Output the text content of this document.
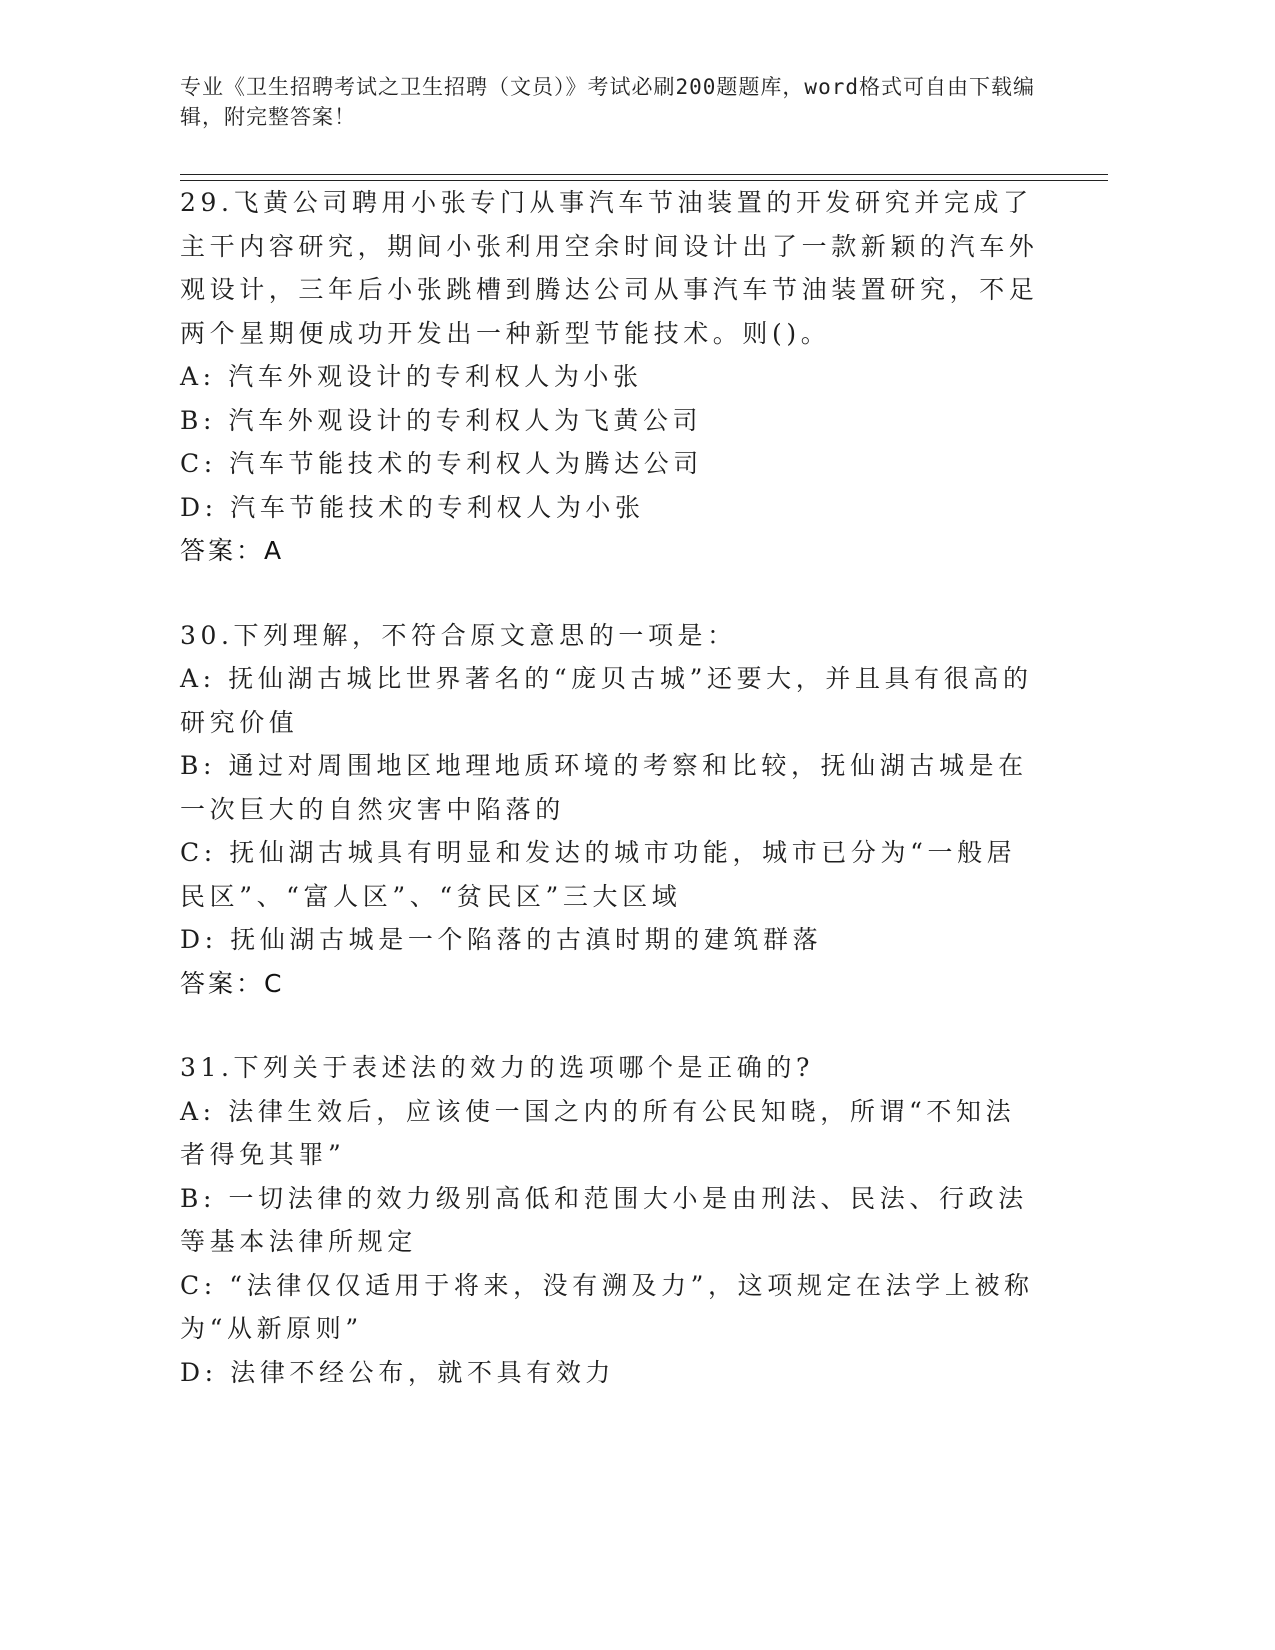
专业《卫生招聘考试之卫生招聘（文员）》考试必刷200题题库，word格式可自由下载编辑，附完整答案！
29.飞黄公司聘用小张专门从事汽车节油装置的开发研究并完成了主干内容研究，期间小张利用空余时间设计出了一款新颖的汽车外观设计，三年后小张跳槽到腾达公司从事汽车节油装置研究，不足两个星期便成功开发出一种新型节能技术。则()。
A: 汽车外观设计的专利权人为小张
B: 汽车外观设计的专利权人为飞黄公司
C: 汽车节能技术的专利权人为腾达公司
D: 汽车节能技术的专利权人为小张
答案：A
30.下列理解，不符合原文意思的一项是：
A: 抚仙湖古城比世界著名的“庞贝古城”还要大，并且具有很高的研究价值
B: 通过对周围地区地理地质环境的考察和比较，抚仙湖古城是在一次巨大的自然灾害中陷落的
C: 抚仙湖古城具有明显和发达的城市功能，城市已分为“一般居民区”、“富人区”、“贫民区”三大区域
D: 抚仙湖古城是一个陷落的古滇时期的建筑群落
答案：C
31.下列关于表述法的效力的选项哪个是正确的?
A: 法律生效后，应该使一国之内的所有公民知晓，所谓“不知法者得免其罪”
B: 一切法律的效力级别高低和范围大小是由刑法、民法、行政法等基本法律所规定
C: “法律仅仅适用于将来，没有溯及力”，这项规定在法学上被称为“从新原则”
D: 法律不经公布，就不具有效力
